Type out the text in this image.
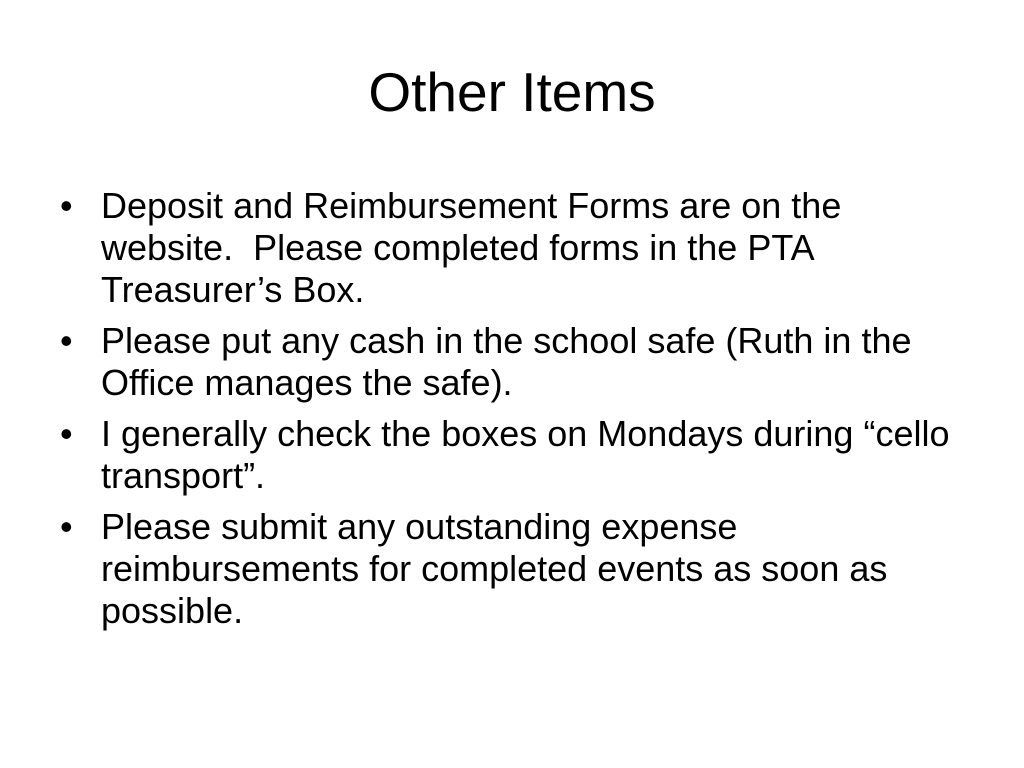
Other Items
• Deposit and Reimbursement Forms are on the website.  Please completed forms in the PTA Treasurer’s Box.
• Please put any cash in the school safe (Ruth in the Office manages the safe).
• I generally check the boxes on Mondays during “cello transport”.
• Please submit any outstanding expense reimbursements for completed events as soon as possible.
